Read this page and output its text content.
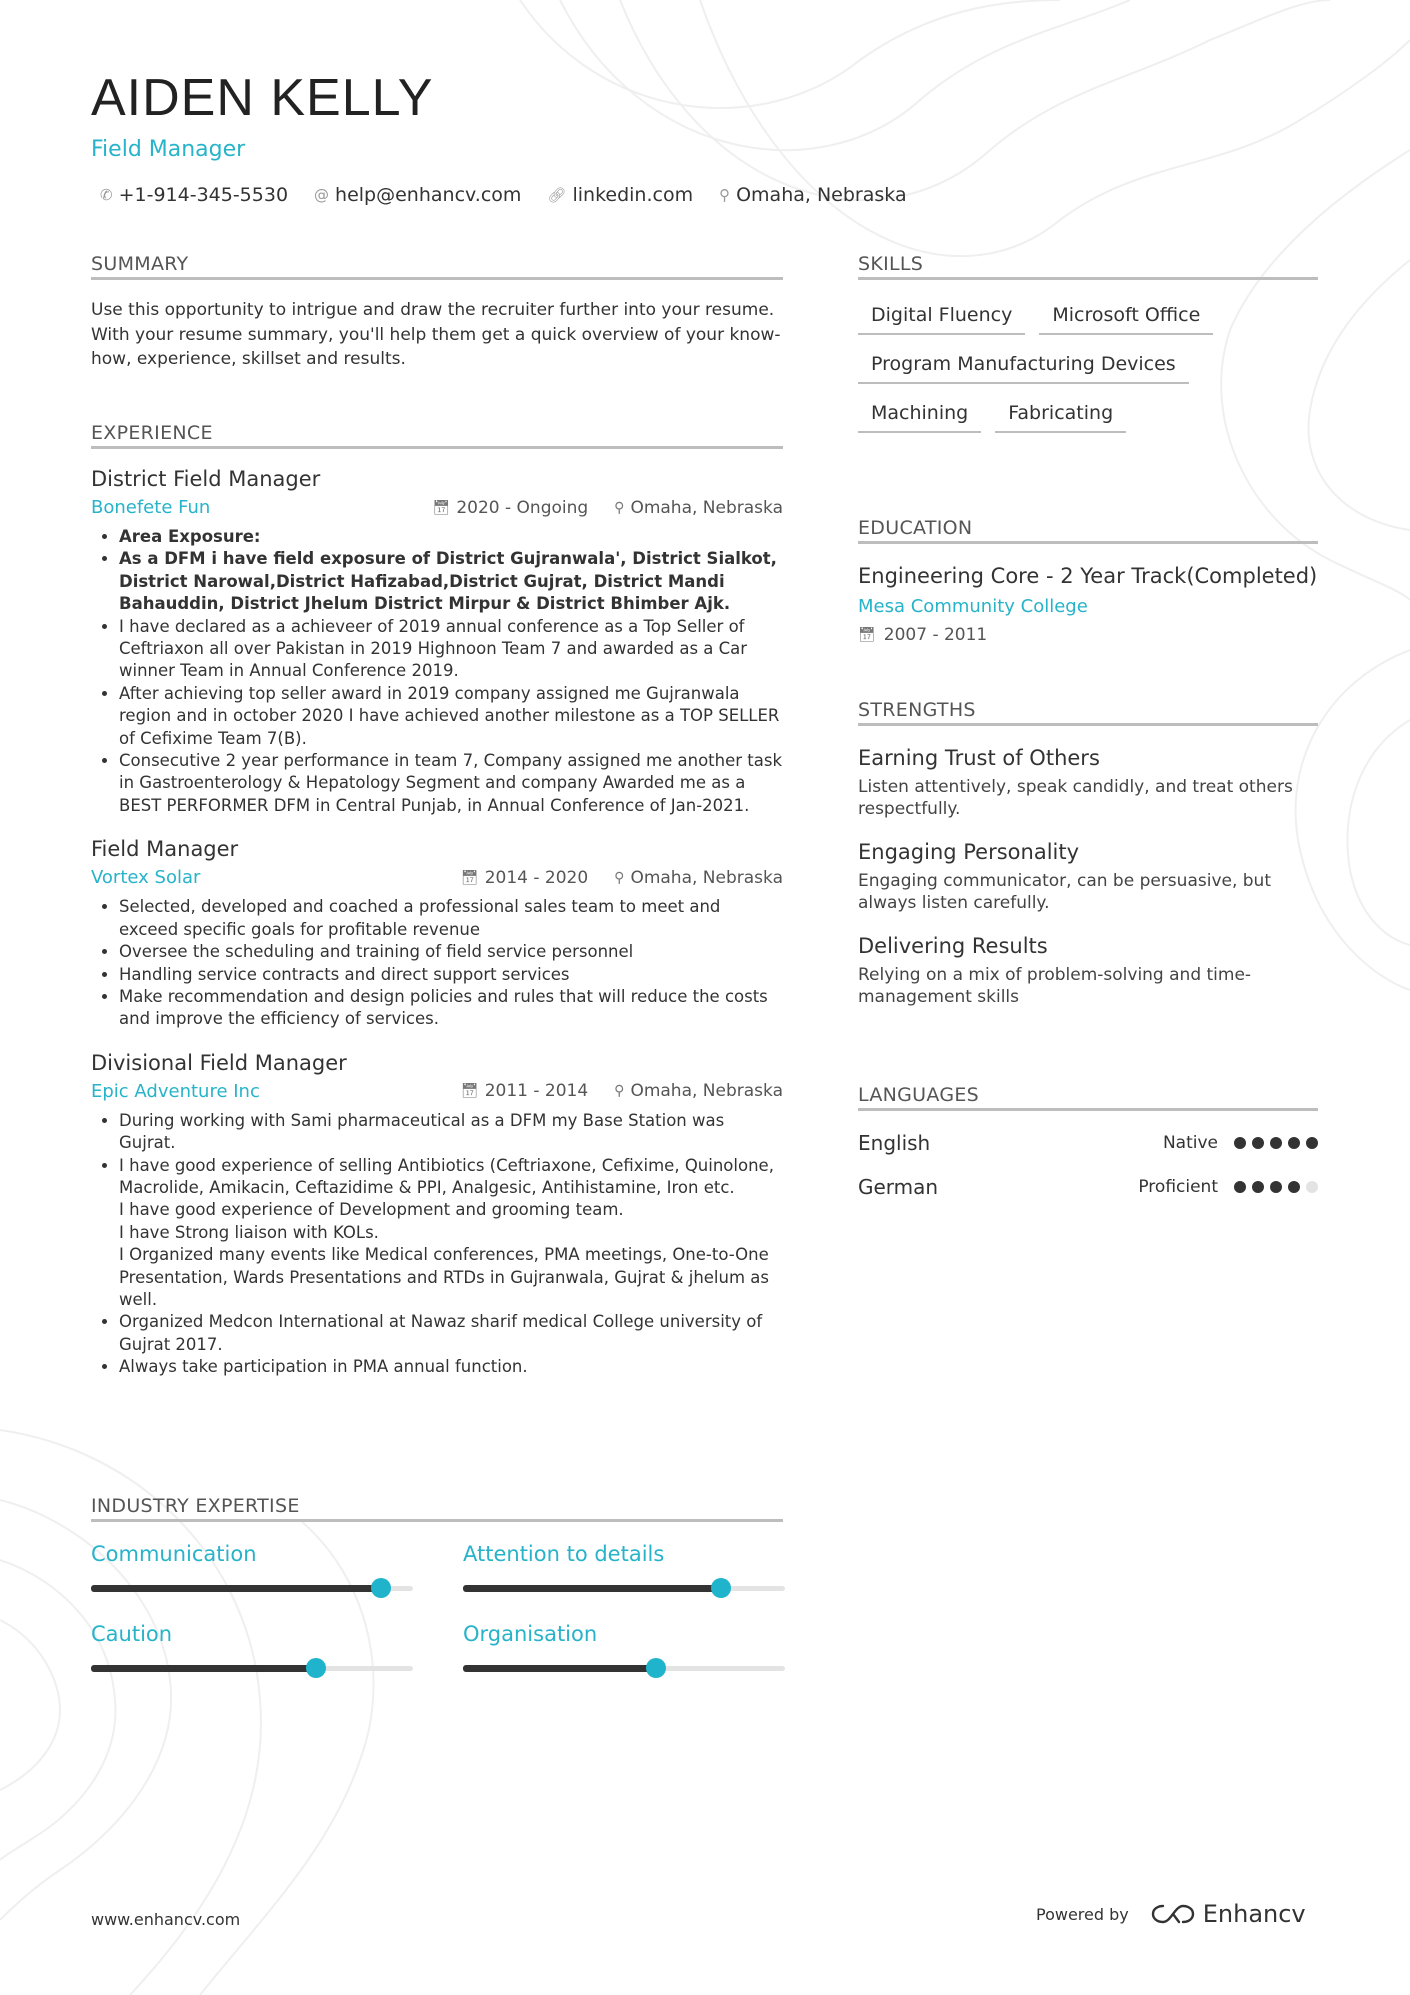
AIDEN KELLY
Field Manager
✆ +1-914-345-5530 @ help@enhancv.com 🔗︎ linkedin.com ⚲ Omaha, Nebraska
SUMMARY
Use this opportunity to intrigue and draw the recruiter further into your resume. With your resume summary, you'll help them get a quick overview of your know-how, experience, skillset and results.
EXPERIENCE
District Field Manager
Bonefete Fun	📅︎ 2020 - Ongoing ⚲ Omaha, Nebraska
• Area Exposure:
• As a DFM i have field exposure of District Gujranwala', District Sialkot, District Narowal,District Hafizabad,District Gujrat, District Mandi Bahauddin, District Jhelum District Mirpur & District Bhimber Ajk.
• I have declared as a achieveer of 2019 annual conference as a Top Seller of Ceftriaxon all over Pakistan in 2019 Highnoon Team 7 and awarded as a Car winner Team in Annual Conference 2019.
• After achieving top seller award in 2019 company assigned me Gujranwala region and in october 2020 I have achieved another milestone as a TOP SELLER of Cefixime Team 7(B).
• Consecutive 2 year performance in team 7, Company assigned me another task in Gastroenterology & Hepatology Segment and company Awarded me as a BEST PERFORMER DFM in Central Punjab, in Annual Conference of Jan-2021.
Field Manager
Vortex Solar	📅︎ 2014 - 2020 ⚲ Omaha, Nebraska
• Selected, developed and coached a professional sales team to meet and exceed specific goals for profitable revenue
• Oversee the scheduling and training of field service personnel
• Handling service contracts and direct support services
• Make recommendation and design policies and rules that will reduce the costs and improve the efficiency of services.
Divisional Field Manager
Epic Adventure Inc	📅︎ 2011 - 2014 ⚲ Omaha, Nebraska
• During working with Sami pharmaceutical as a DFM my Base Station was Gujrat.
• I have good experience of selling Antibiotics (Ceftriaxone, Cefixime, Quinolone, Macrolide, Amikacin, Ceftazidime & PPI, Analgesic, Antihistamine, Iron etc.
I have good experience of Development and grooming team.
I have Strong liaison with KOLs.
I Organized many events like Medical conferences, PMA meetings, One-to-One Presentation, Wards Presentations and RTDs in Gujranwala, Gujrat & jhelum as well.
• Organized Medcon International at Nawaz sharif medical College university of Gujrat 2017.
• Always take participation in PMA annual function.
INDUSTRY EXPERTISE
Communication	Attention to details
Caution	Organisation
SKILLS
Digital Fluency	Microsoft Office
Program Manufacturing Devices
Machining	Fabricating
EDUCATION
Engineering Core - 2 Year Track(Completed)
Mesa Community College
📅︎ 2007 - 2011
STRENGTHS
Earning Trust of Others
Listen attentively, speak candidly, and treat others respectfully.
Engaging Personality
Engaging communicator, can be persuasive, but always listen carefully.
Delivering Results
Relying on a mix of problem-solving and time-management skills
LANGUAGES
English	Native
German	Proficient
www.enhancv.com	Powered by	Enhancv
